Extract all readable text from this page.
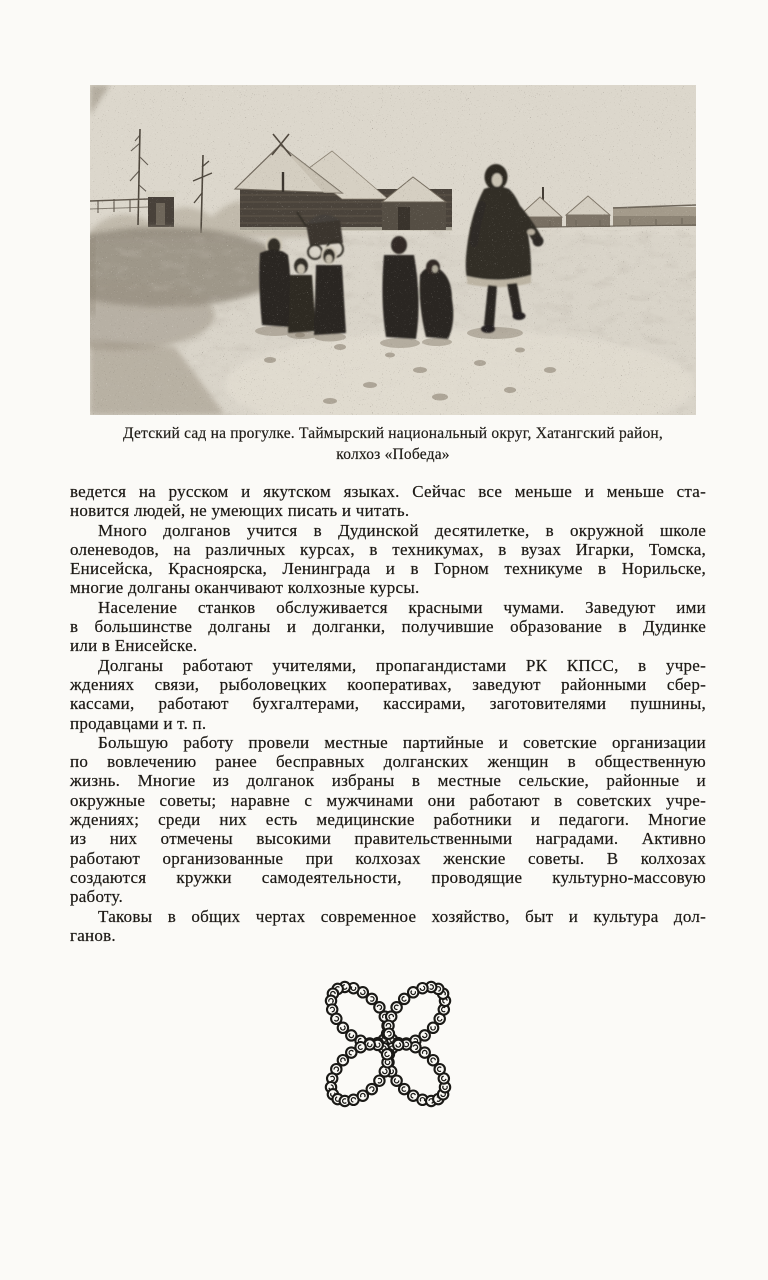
Детский сад на прогулке. Таймырский национальный округ, Хатангский район,
колхоз «Победа»
ведется на русском и якутском языках. Сейчас все меньше и меньше ста-
новится людей, не умеющих писать и читать.
Много долганов учится в Дудинской десятилетке, в окружной школе
оленеводов, на различных курсах, в техникумах, в вузах Игарки, Томска,
Енисейска, Красноярска, Ленинграда и в Горном техникуме в Норильске,
многие долганы оканчивают колхозные курсы.
Население станков обслуживается красными чумами. Заведуют ими
в большинстве долганы и долганки, получившие образование в Дудинке
или в Енисейске.
Долганы работают учителями, пропагандистами РК КПСС, в учре-
ждениях связи, рыболовецких кооперативах, заведуют районными сбер-
кассами, работают бухгалтерами, кассирами, заготовителями пушнины,
продавцами и т. п.
Большую работу провели местные партийные и советские организации
по вовлечению ранее бесправных долганских женщин в общественную
жизнь. Многие из долганок избраны в местные сельские, районные и
окружные советы; наравне с мужчинами они работают в советских учре-
ждениях; среди них есть медицинские работники и педагоги. Многие
из них отмечены высокими правительственными наградами. Активно
работают организованные при колхозах женские советы. В колхозах
создаются кружки самодеятельности, проводящие культурно-массовую
работу.
Таковы в общих чертах современное хозяйство, быт и культура дол-
ганов.
